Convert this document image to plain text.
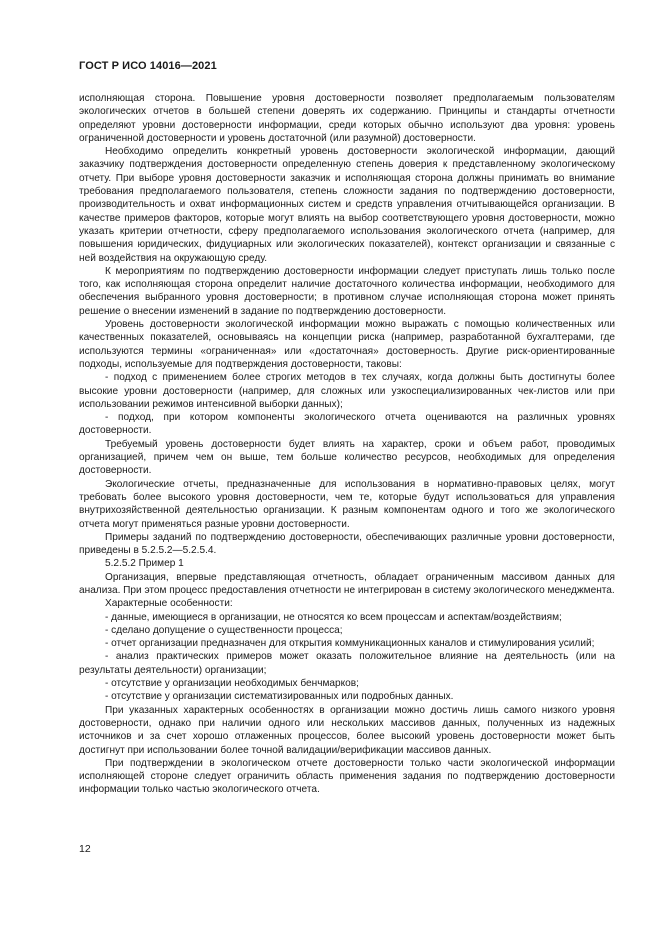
ГОСТ Р ИСО 14016—2021

исполняющая сторона. Повышение уровня достоверности позволяет предполагаемым пользователям экологических отчетов в большей степени доверять их содержанию. Принципы и стандарты отчетности определяют уровни достоверности информации, среди которых обычно используют два уровня: уровень ограниченной достоверности и уровень достаточной (или разумной) достоверности.

Необходимо определить конкретный уровень достоверности экологической информации, дающий заказчику подтверждения достоверности определенную степень доверия к представленному экологическому отчету. При выборе уровня достоверности заказчик и исполняющая сторона должны принимать во внимание требования предполагаемого пользователя, степень сложности задания по подтверждению достоверности, производительность и охват информационных систем и средств управления отчитывающейся организации. В качестве примеров факторов, которые могут влиять на выбор соответствующего уровня достоверности, можно указать критерии отчетности, сферу предполагаемого использования экологического отчета (например, для повышения юридических, фидуциарных или экологических показателей), контекст организации и связанные с ней воздействия на окружающую среду.

К мероприятиям по подтверждению достоверности информации следует приступать лишь только после того, как исполняющая сторона определит наличие достаточного количества информации, необходимого для обеспечения выбранного уровня достоверности; в противном случае исполняющая сторона может принять решение о внесении изменений в задание по подтверждению достоверности.

Уровень достоверности экологической информации можно выражать с помощью количественных или качественных показателей, основываясь на концепции риска (например, разработанной бухгалтерами, где используются термины «ограниченная» или «достаточная» достоверность. Другие риск-ориентированные подходы, используемые для подтверждения достоверности, таковы:

- подход с применением более строгих методов в тех случаях, когда должны быть достигнуты более высокие уровни достоверности (например, для сложных или узкоспециализированных чек-листов или при использовании режимов интенсивной выборки данных);

- подход, при котором компоненты экологического отчета оцениваются на различных уровнях достоверности.

Требуемый уровень достоверности будет влиять на характер, сроки и объем работ, проводимых организацией, причем чем он выше, тем больше количество ресурсов, необходимых для определения достоверности.

Экологические отчеты, предназначенные для использования в нормативно-правовых целях, могут требовать более высокого уровня достоверности, чем те, которые будут использоваться для управления внутрихозяйственной деятельностью организации. К разным компонентам одного и того же экологического отчета могут применяться разные уровни достоверности.

Примеры заданий по подтверждению достоверности, обеспечивающих различные уровни достоверности, приведены в 5.2.5.2—5.2.5.4.

5.2.5.2 Пример 1

Организация, впервые представляющая отчетность, обладает ограниченным массивом данных для анализа. При этом процесс предоставления отчетности не интегрирован в систему экологического менеджмента.

Характерные особенности:

- данные, имеющиеся в организации, не относятся ко всем процессам и аспектам/воздействиям;

- сделано допущение о существенности процесса;

- отчет организации предназначен для открытия коммуникационных каналов и стимулирования усилий;

- анализ практических примеров может оказать положительное влияние на деятельность (или на результаты деятельности) организации;

- отсутствие у организации необходимых бенчмарков;

- отсутствие у организации систематизированных или подробных данных.

При указанных характерных особенностях в организации можно достичь лишь самого низкого уровня достоверности, однако при наличии одного или нескольких массивов данных, полученных из надежных источников и за счет хорошо отлаженных процессов, более высокий уровень достоверности может быть достигнут при использовании более точной валидации/верификации массивов данных.

При подтверждении в экологическом отчете достоверности только части экологической информации исполняющей стороне следует ограничить область применения задания по подтверждению достоверности информации только частью экологического отчета.

12
